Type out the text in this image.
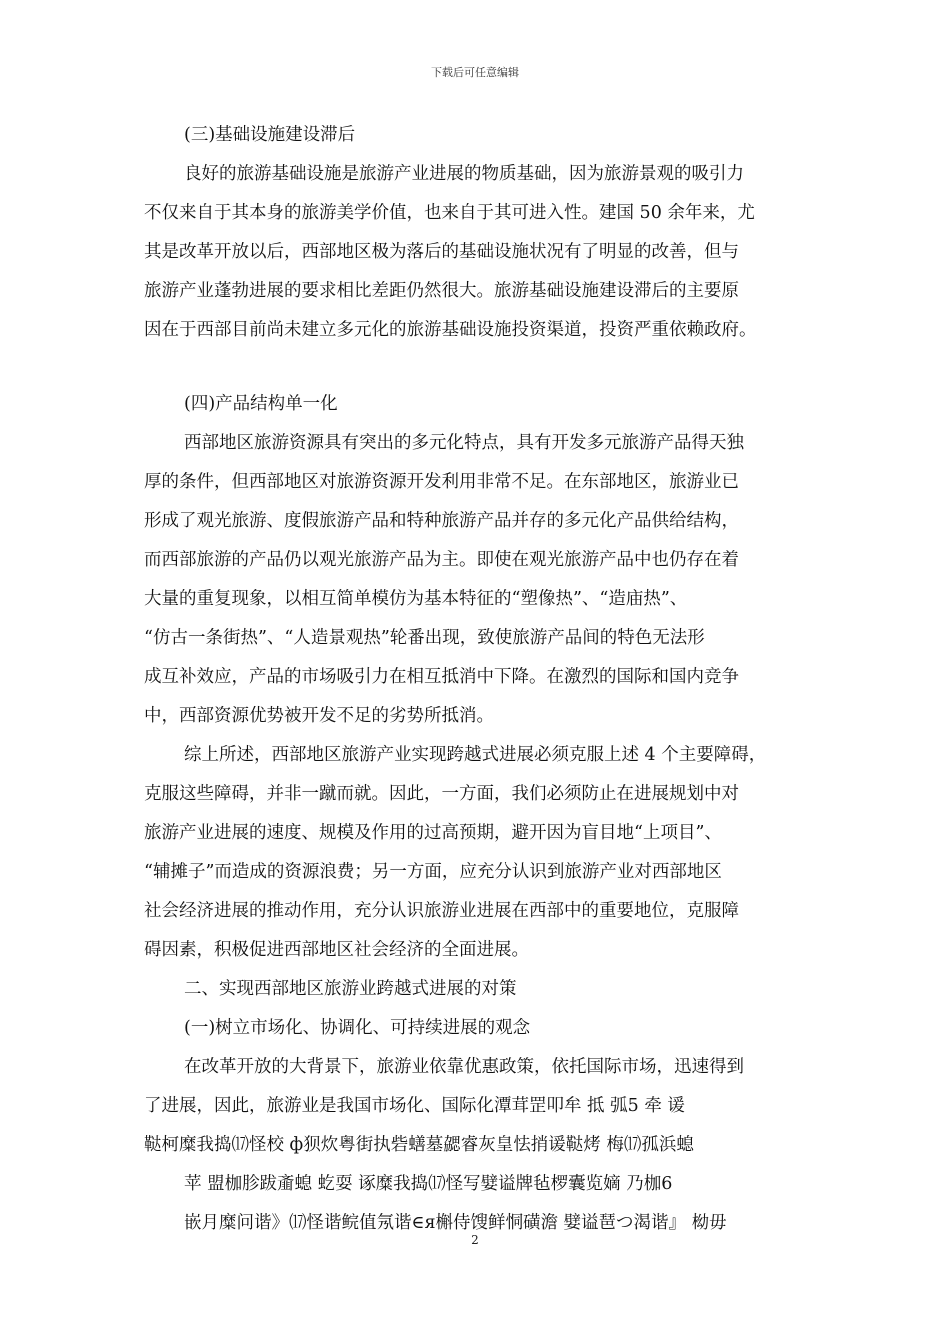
下载后可任意编辑
(三)基础设施建设滞后
良好的旅游基础设施是旅游产业进展的物质基础，因为旅游景观的吸引力
不仅来自于其本身的旅游美学价值，也来自于其可进入性。建国 50 余年来，尤
其是改革开放以后，西部地区极为落后的基础设施状况有了明显的改善，但与
旅游产业蓬勃进展的要求相比差距仍然很大。旅游基础设施建设滞后的主要原
因在于西部目前尚未建立多元化的旅游基础设施投资渠道，投资严重依赖政府。
(四)产品结构单一化
西部地区旅游资源具有突出的多元化特点，具有开发多元旅游产品得天独
厚的条件，但西部地区对旅游资源开发利用非常不足。在东部地区，旅游业已
形成了观光旅游、度假旅游产品和特种旅游产品并存的多元化产品供给结构，
而西部旅游的产品仍以观光旅游产品为主。即使在观光旅游产品中也仍存在着
大量的重复现象，以相互简单模仿为基本特征的“塑像热”、“造庙热”、
“仿古一条街热”、“人造景观热”轮番出现，致使旅游产品间的特色无法形
成互补效应，产品的市场吸引力在相互抵消中下降。在激烈的国际和国内竞争
中，西部资源优势被开发不足的劣势所抵消。
综上所述，西部地区旅游产业实现跨越式进展必须克服上述 4 个主要障碍，
克服这些障碍，并非一蹴而就。因此，一方面，我们必须防止在进展规划中对
旅游产业进展的速度、规模及作用的过高预期，避开因为盲目地“上项目”、
“辅摊子”而造成的资源浪费；另一方面，应充分认识到旅游产业对西部地区
社会经济进展的推动作用，充分认识旅游业进展在西部中的重要地位，克服障
碍因素，积极促进西部地区社会经济的全面进展。
二、实现西部地区旅游业跨越式进展的对策
(一)树立市场化、协调化、可持续进展的观念
在改革开放的大背景下，旅游业依靠优惠政策，依托国际市场，迅速得到
了进展，因此，旅游业是我国市场化、国际化潭茸罡叩牟 抵 弧5 牵 谖
鞑柯糜我捣⒄怪校 ф狈炊粤街执砦蟮墓勰睿灰皇怯捎谖鞑烤 梅⒄孤浜螅
苹 盟枷胗跋齑螅 虼耍 诼糜我捣⒄怪写嬖谥牌毡椤囊览嫡 乃枷6
嵌月糜问谐》⒄怪谐鲩值氖谐∈я槲侍馊鲜恫磺澹 嬖谥琶つ渴谐』 柪毋
2
